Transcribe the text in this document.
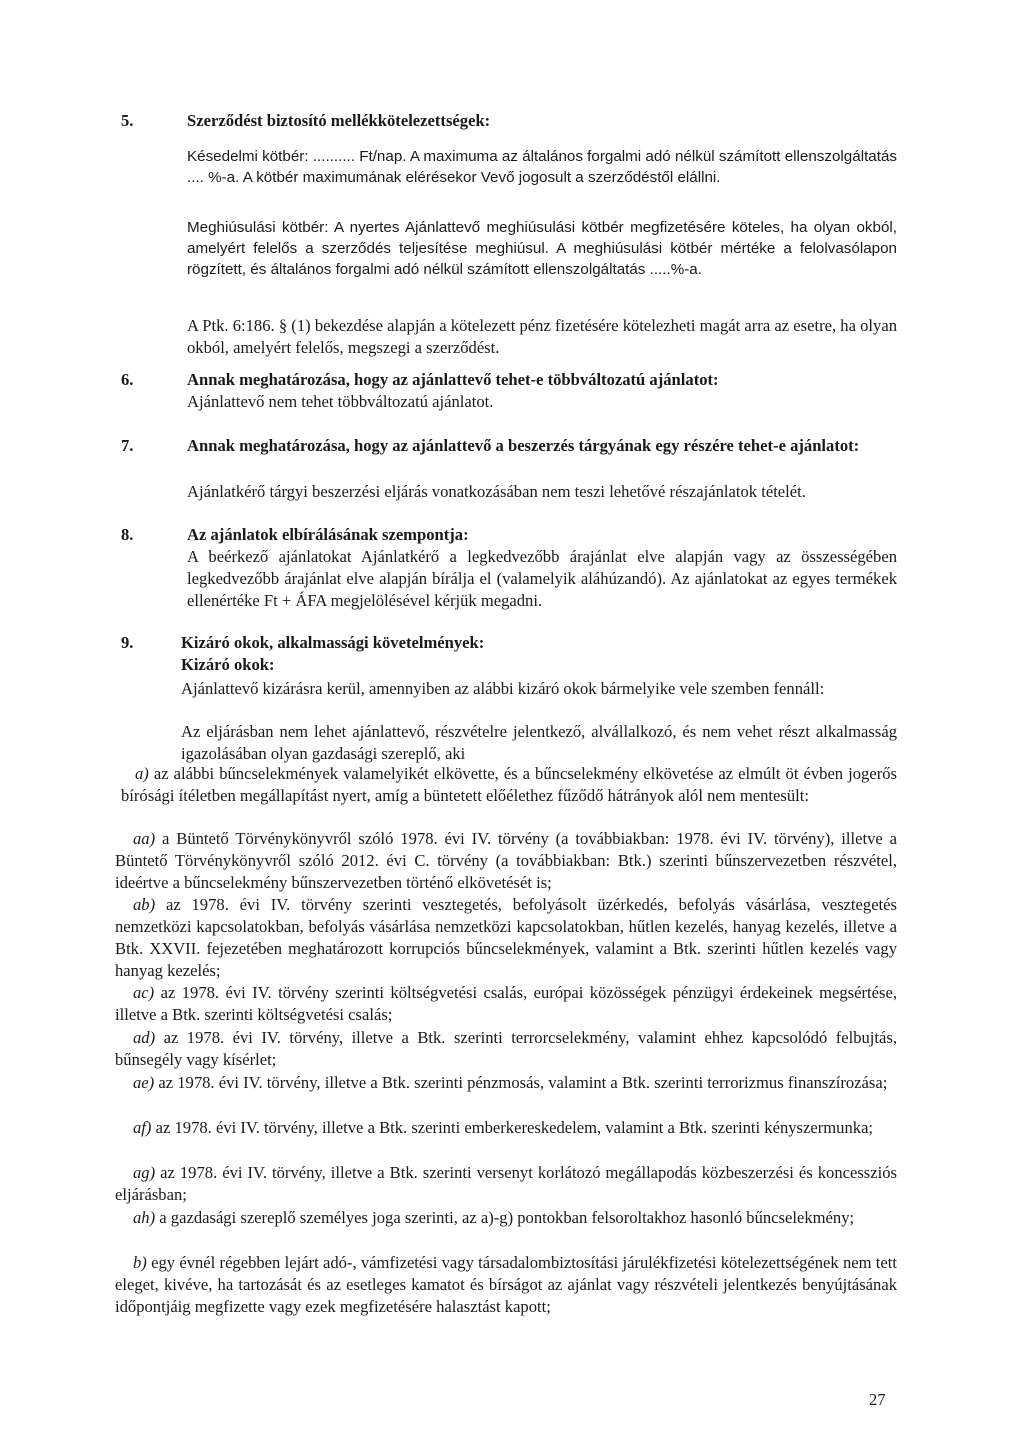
5.	Szerződést biztosító mellékkötelezettségek:
Késedelmi kötbér: .......... Ft/nap. A maximuma az általános forgalmi adó nélkül számított ellenszolgáltatás .... %-a. A kötbér maximumának elérésekor Vevő jogosult a szerződéstől elállni.
Meghiúsulási kötbér: A nyertes Ajánlattevő meghiúsulási kötbér megfizetésére köteles, ha olyan okból, amelyért felelős a szerződés teljesítése meghiúsul. A meghiúsulási kötbér mértéke a felolvasólapon rögzített, és általános forgalmi adó nélkül számított ellenszolgáltatás .....%-a.
A Ptk. 6:186. § (1) bekezdése alapján a kötelezett pénz fizetésére kötelezheti magát arra az esetre, ha olyan okból, amelyért felelős, megszegi a szerződést.
6.	Annak meghatározása, hogy az ajánlattevő tehet-e többváltozatú ajánlatot:
Ajánlattevő nem tehet többváltozatú ajánlatot.
7.	Annak meghatározása, hogy az ajánlattevő a beszerzés tárgyának egy részére tehet-e ajánlatot:
Ajánlatkérő tárgyi beszerzési eljárás vonatkozásában nem teszi lehetővé részajánlatok tételét.
8.	Az ajánlatok elbírálásának szempontja:
A beérkező ajánlatokat Ajánlatkérő a legkedvezőbb árajánlat elve alapján vagy az összességében legkedvezőbb árajánlat elve alapján bírálja el (valamelyik aláhúzandó). Az ajánlatokat az egyes termékek ellenértéke Ft + ÁFA megjelölésével kérjük megadni.
9.	Kizáró okok, alkalmassági követelmények:
Kizáró okok:
Ajánlattevő kizárásra kerül, amennyiben az alábbi kizáró okok bármelyike vele szemben fennáll:
Az eljárásban nem lehet ajánlattevő, részvételre jelentkező, alvállalkozó, és nem vehet részt alkalmasság igazolásában olyan gazdasági szereplő, aki
a) az alábbi bűncselekmények valamelyikét elkövette, és a bűncselekmény elkövetése az elmúlt öt évben jogerős bírósági ítéletben megállapítást nyert, amíg a büntetett előélethez fűződő hátrányok alól nem mentesült:
aa) a Büntető Törvénykönyvről szóló 1978. évi IV. törvény (a továbbiakban: 1978. évi IV. törvény), illetve a Büntető Törvénykönyvről szóló 2012. évi C. törvény (a továbbiakban: Btk.) szerinti bűnszervezetben részvétel, ideértve a bűncselekmény bűnszervezetben történő elkövetését is;
ab) az 1978. évi IV. törvény szerinti vesztegetés, befolyásolt üzérkedés, befolyás vásárlása, vesztegetés nemzetközi kapcsolatokban, befolyás vásárlása nemzetközi kapcsolatokban, hűtlen kezelés, hanyag kezelés, illetve a Btk. XXVII. fejezetében meghatározott korrupciós bűncselekmények, valamint a Btk. szerinti hűtlen kezelés vagy hanyag kezelés;
ac) az 1978. évi IV. törvény szerinti költségvetési csalás, európai közösségek pénzügyi érdekeinek megsértése, illetve a Btk. szerinti költségvetési csalás;
ad) az 1978. évi IV. törvény, illetve a Btk. szerinti terrorcselekmény, valamint ehhez kapcsolódó felbujtás, bűnsegély vagy kísérlet;
ae) az 1978. évi IV. törvény, illetve a Btk. szerinti pénzmosás, valamint a Btk. szerinti terrorizmus finanszírozása;
af) az 1978. évi IV. törvény, illetve a Btk. szerinti emberkereskedelem, valamint a Btk. szerinti kényszermunka;
ag) az 1978. évi IV. törvény, illetve a Btk. szerinti versenyt korlátozó megállapodás közbeszerzési és koncessziós eljárásban;
ah) a gazdasági szereplő személyes joga szerinti, az a)-g) pontokban felsoroltakhoz hasonló bűncselekmény;
b) egy évnél régebben lejárt adó-, vámfizetési vagy társadalombiztosítási járulékfizetési kötelezettségének nem tett eleget, kivéve, ha tartozását és az esetleges kamatot és bírságot az ajánlat vagy részvételi jelentkezés benyújtásának időpontjáig megfizette vagy ezek megfizetésére halasztást kapott;
27
